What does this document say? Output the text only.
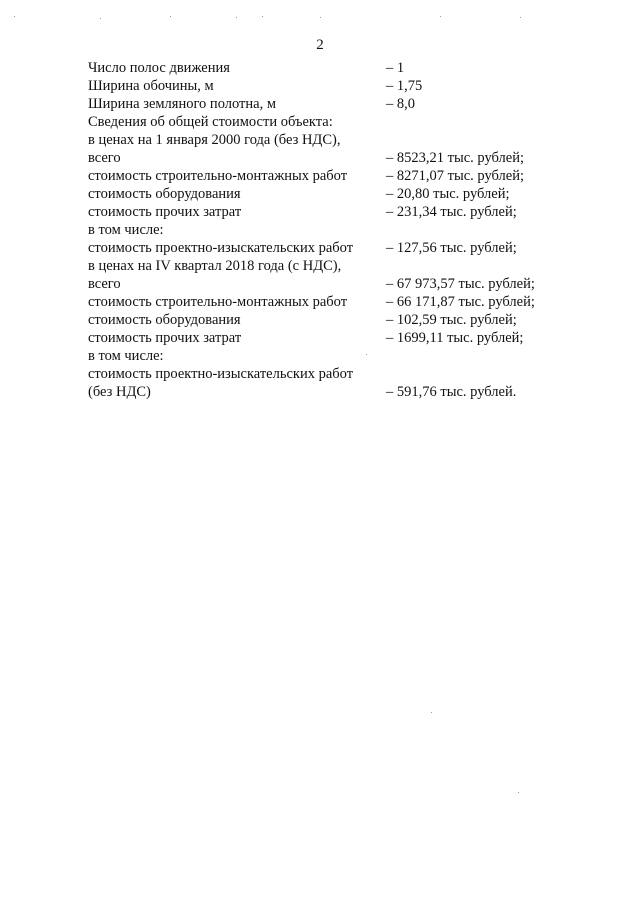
2
Число полос движения	– 1
Ширина обочины, м	– 1,75
Ширина земляного полотна, м	– 8,0
Сведения об общей стоимости объекта:
в ценах на 1 января 2000 года (без НДС),
всего	– 8523,21 тыс. рублей;
стоимость строительно-монтажных работ	– 8271,07 тыс. рублей;
стоимость оборудования	– 20,80 тыс. рублей;
стоимость прочих затрат	– 231,34 тыс. рублей;
в том числе:
стоимость проектно-изыскательских работ	– 127,56 тыс. рублей;
в ценах на IV квартал 2018 года (с НДС),
всего	– 67 973,57 тыс. рублей;
стоимость строительно-монтажных работ	– 66 171,87 тыс. рублей;
стоимость оборудования	– 102,59 тыс. рублей;
стоимость прочих затрат	– 1699,11 тыс. рублей;
в том числе:
стоимость проектно-изыскательских работ
(без НДС)	– 591,76 тыс. рублей.
